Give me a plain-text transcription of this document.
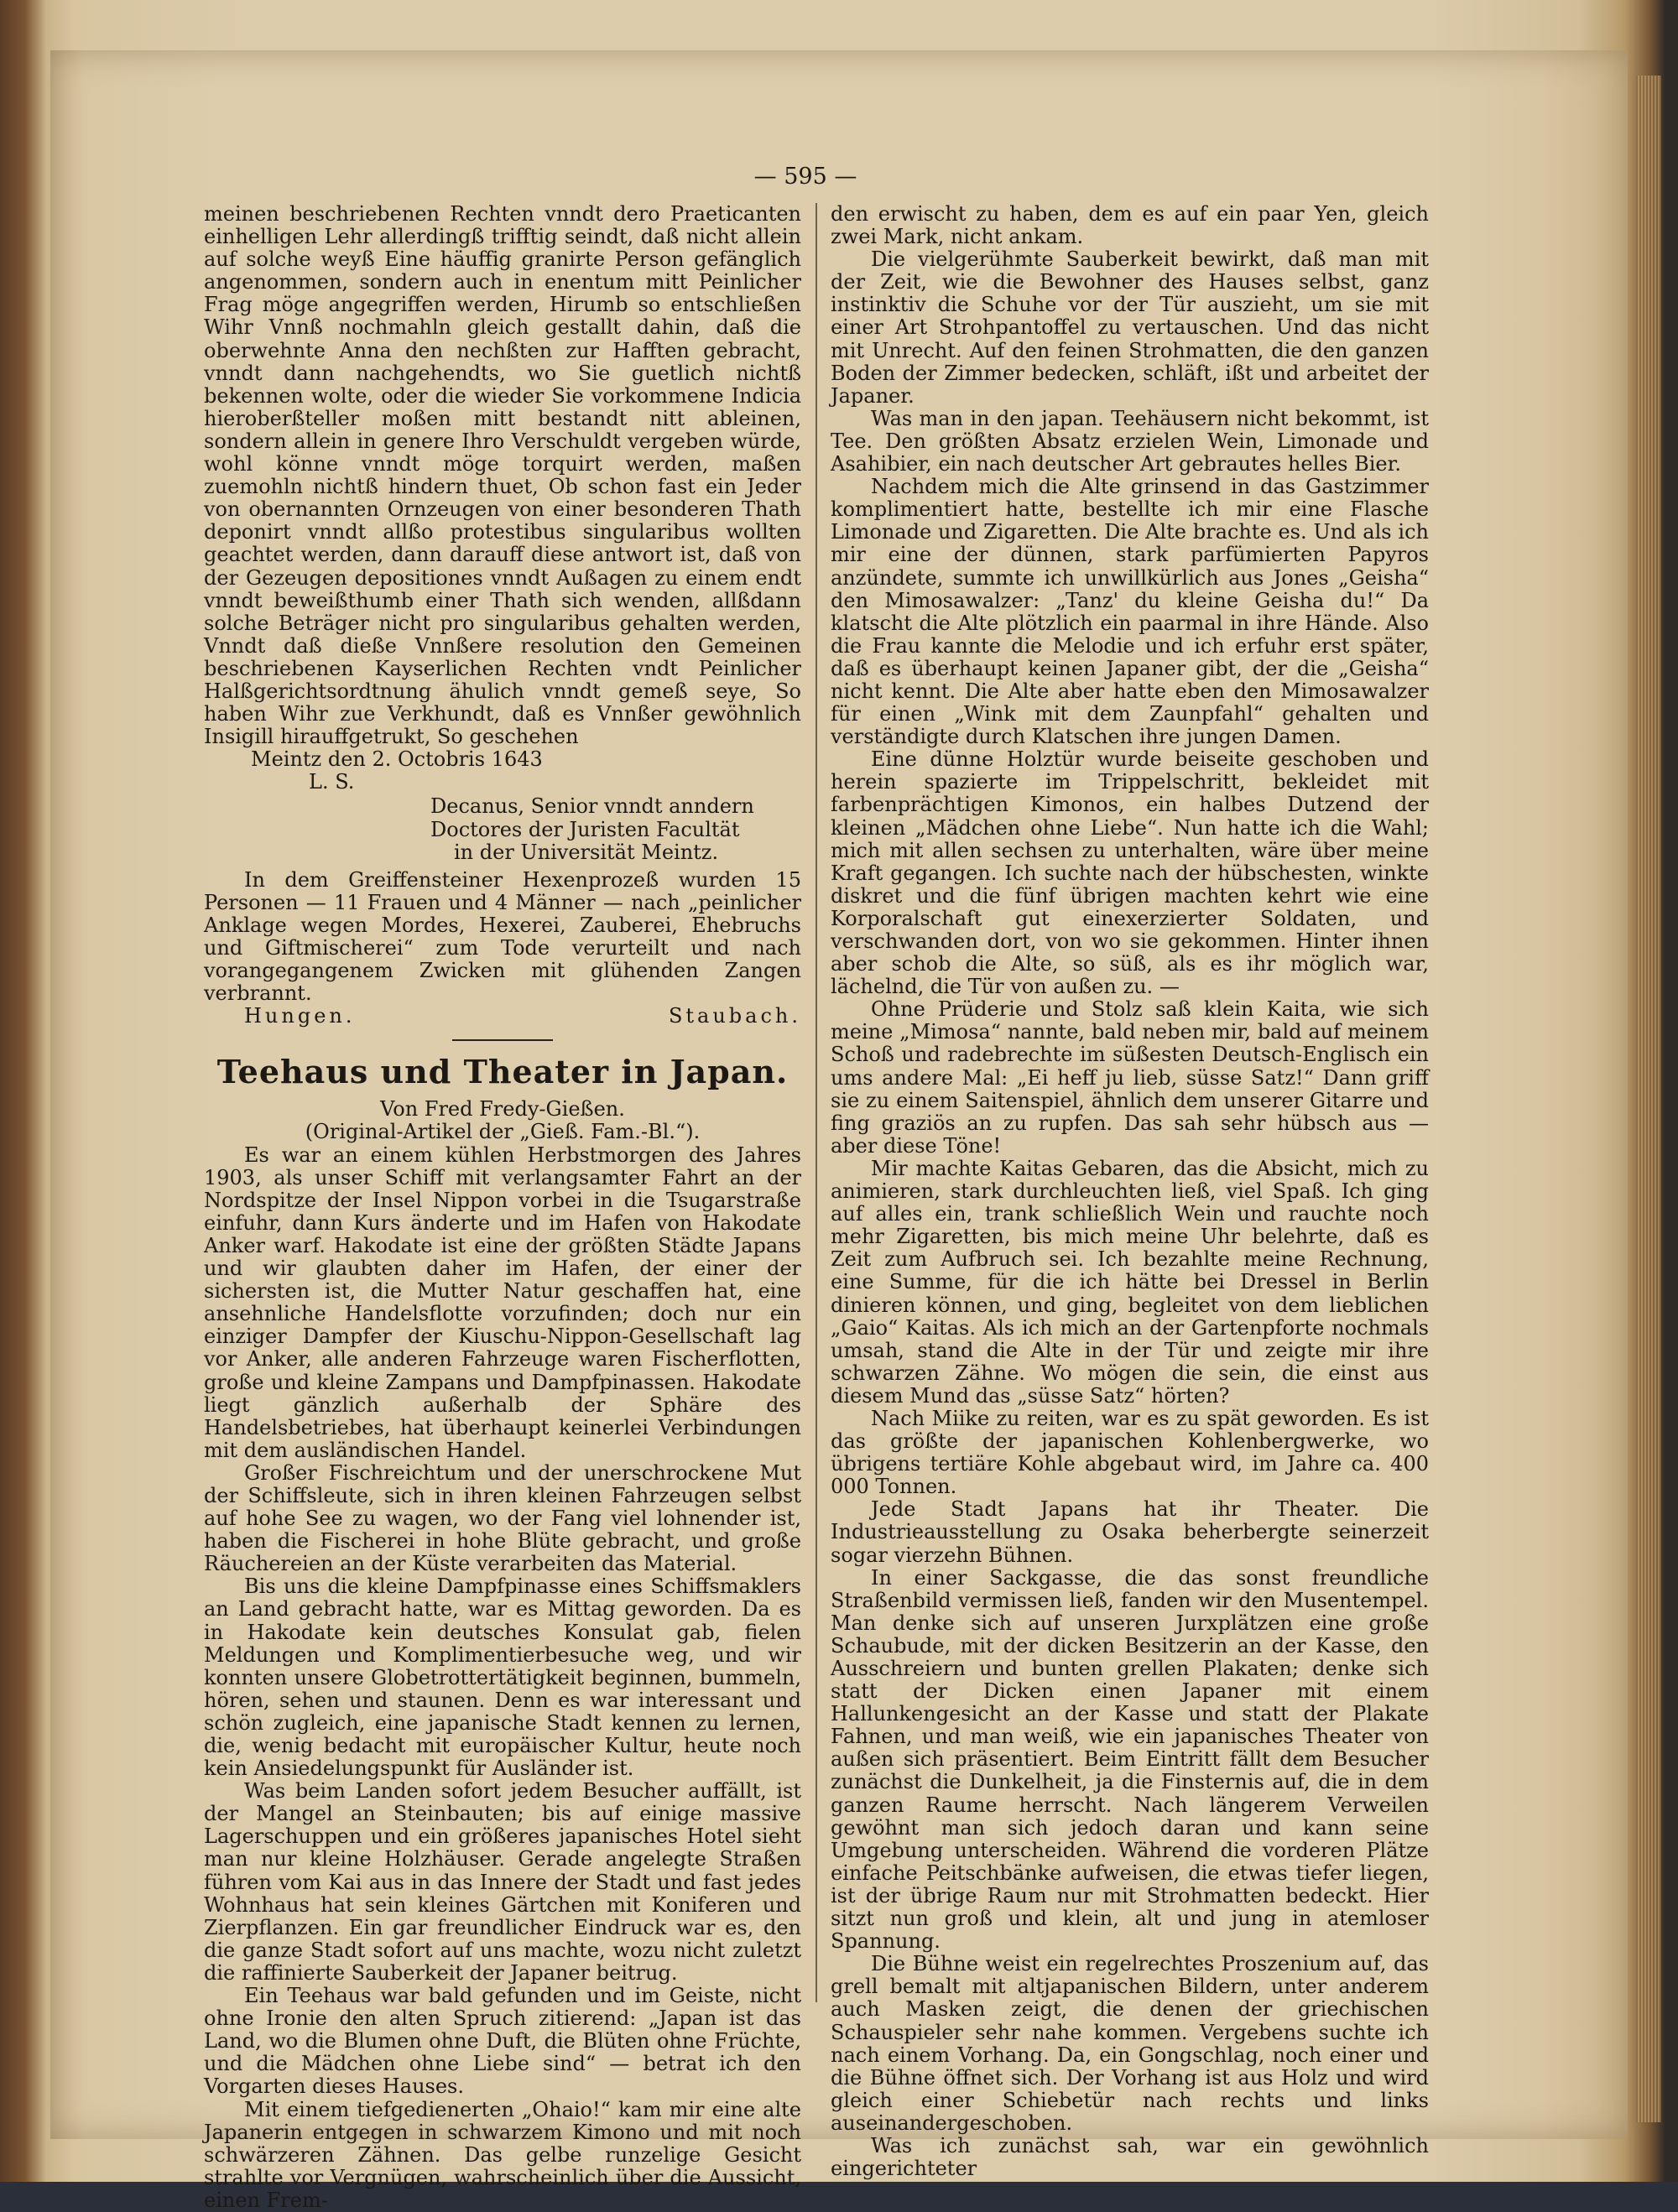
— 595 —

meinen beschriebenen Rechten vnndt dero Praeticanten einhelligen Lehr allerdingß trifftig seindt, daß nicht allein auf solche weyß Eine häuffig granirte Person gefänglich angenommen, sondern auch in enentum mitt Peinlicher Frag möge angegriffen werden, Hirumb so entschließen Wihr Vnnß nochmahln gleich gestallt dahin, daß die oberwehnte Anna den nechßten zur Hafften gebracht, vnndt dann nachgehendts, wo Sie guetlich nichtß bekennen wolte, oder die wieder Sie vorkommene Indicia hieroberßteller moßen mitt bestandt nitt ableinen, sondern allein in genere Ihro Verschuldt vergeben würde, wohl könne vnndt möge torquirt werden, maßen zuemohln nichtß hindern thuet, Ob schon fast ein Jeder von obernannten Ornzeugen von einer besonderen Thath deponirt vnndt allßo protestibus singularibus wollten geachtet werden, dann darauff diese antwort ist, daß von der Gezeugen depositiones vnndt Außagen zu einem endt vnndt beweißthumb einer Thath sich wenden, allßdann solche Beträger nicht pro singularibus gehalten werden, Vnndt daß dieße Vnnßere resolution den Gemeinen beschriebenen Kayserlichen Rechten vndt Peinlicher Halßgerichtsordtnung ähulich vnndt gemeß seye, So haben Wihr zue Verkhundt, daß es Vnnßer gewöhnlich Insigill hirauffgetrukt, So geschehen

Meintz den 2. Octobris 1643

L. S.

Decanus, Senior vnndt anndern
Doctores der Juristen Facultät
in der Universität Meintz.

In dem Greiffensteiner Hexenprozeß wurden 15 Personen — 11 Frauen und 4 Männer — nach „peinlicher Anklage wegen Mordes, Hexerei, Zauberei, Ehebruchs und Giftmischerei“ zum Tode verurteilt und nach vorangegangenem Zwicken mit glühenden Zangen verbrannt.

Hungen.	Staubach.
Teehaus und Theater in Japan.

Von Fred Fredy-Gießen.

(Original-Artikel der „Gieß. Fam.-Bl.“).

Es war an einem kühlen Herbstmorgen des Jahres 1903, als unser Schiff mit verlangsamter Fahrt an der Nordspitze der Insel Nippon vorbei in die Tsugarstraße einfuhr, dann Kurs änderte und im Hafen von Hakodate Anker warf. Hakodate ist eine der größten Städte Japans und wir glaubten daher im Hafen, der einer der sichersten ist, die Mutter Natur geschaffen hat, eine ansehnliche Handelsflotte vorzufinden; doch nur ein einziger Dampfer der Kiuschu-Nippon-Gesellschaft lag vor Anker, alle anderen Fahrzeuge waren Fischerflotten, große und kleine Zampans und Dampfpinassen. Hakodate liegt gänzlich außerhalb der Sphäre des Handelsbetriebes, hat überhaupt keinerlei Verbindungen mit dem ausländischen Handel.

Großer Fischreichtum und der unerschrockene Mut der Schiffsleute, sich in ihren kleinen Fahrzeugen selbst auf hohe See zu wagen, wo der Fang viel lohnender ist, haben die Fischerei in hohe Blüte gebracht, und große Räuchereien an der Küste verarbeiten das Material.

Bis uns die kleine Dampfpinasse eines Schiffsmaklers an Land gebracht hatte, war es Mittag geworden. Da es in Hakodate kein deutsches Konsulat gab, fielen Meldungen und Komplimentierbesuche weg, und wir konnten unsere Globetrottertätigkeit beginnen, bummeln, hören, sehen und staunen. Denn es war interessant und schön zugleich, eine japanische Stadt kennen zu lernen, die, wenig bedacht mit europäischer Kultur, heute noch kein Ansiedelungspunkt für Ausländer ist.

Was beim Landen sofort jedem Besucher auffällt, ist der Mangel an Steinbauten; bis auf einige massive Lagerschuppen und ein größeres japanisches Hotel sieht man nur kleine Holzhäuser. Gerade angelegte Straßen führen vom Kai aus in das Innere der Stadt und fast jedes Wohnhaus hat sein kleines Gärtchen mit Koniferen und Zierpflanzen. Ein gar freundlicher Eindruck war es, den die ganze Stadt sofort auf uns machte, wozu nicht zuletzt die raffinierte Sauberkeit der Japaner beitrug.

Ein Teehaus war bald gefunden und im Geiste, nicht ohne Ironie den alten Spruch zitierend: „Japan ist das Land, wo die Blumen ohne Duft, die Blüten ohne Früchte, und die Mädchen ohne Liebe sind“ — betrat ich den Vorgarten dieses Hauses.

Mit einem tiefgedienerten „Ohaio!“ kam mir eine alte Japanerin entgegen in schwarzem Kimono und mit noch schwärzeren Zähnen. Das gelbe runzelige Gesicht strahlte vor Vergnügen, wahrscheinlich über die Aussicht, einen Frem-

den erwischt zu haben, dem es auf ein paar Yen, gleich zwei Mark, nicht ankam.

Die vielgerühmte Sauberkeit bewirkt, daß man mit der Zeit, wie die Bewohner des Hauses selbst, ganz instinktiv die Schuhe vor der Tür auszieht, um sie mit einer Art Strohpantoffel zu vertauschen. Und das nicht mit Unrecht. Auf den feinen Strohmatten, die den ganzen Boden der Zimmer bedecken, schläft, ißt und arbeitet der Japaner.

Was man in den japan. Teehäusern nicht bekommt, ist Tee. Den größten Absatz erzielen Wein, Limonade und Asahibier, ein nach deutscher Art gebrautes helles Bier.

Nachdem mich die Alte grinsend in das Gastzimmer komplimentiert hatte, bestellte ich mir eine Flasche Limonade und Zigaretten. Die Alte brachte es. Und als ich mir eine der dünnen, stark parfümierten Papyros anzündete, summte ich unwillkürlich aus Jones „Geisha“ den Mimosawalzer: „Tanz' du kleine Geisha du!“ Da klatscht die Alte plötzlich ein paarmal in ihre Hände. Also die Frau kannte die Melodie und ich erfuhr erst später, daß es überhaupt keinen Japaner gibt, der die „Geisha“ nicht kennt. Die Alte aber hatte eben den Mimosawalzer für einen „Wink mit dem Zaunpfahl“ gehalten und verständigte durch Klatschen ihre jungen Damen.

Eine dünne Holztür wurde beiseite geschoben und herein spazierte im Trippelschritt, bekleidet mit farbenprächtigen Kimonos, ein halbes Dutzend der kleinen „Mädchen ohne Liebe“. Nun hatte ich die Wahl; mich mit allen sechsen zu unterhalten, wäre über meine Kraft gegangen. Ich suchte nach der hübschesten, winkte diskret und die fünf übrigen machten kehrt wie eine Korporalschaft gut einexerzierter Soldaten, und verschwanden dort, von wo sie gekommen. Hinter ihnen aber schob die Alte, so süß, als es ihr möglich war, lächelnd, die Tür von außen zu. —

Ohne Prüderie und Stolz saß klein Kaita, wie sich meine „Mimosa“ nannte, bald neben mir, bald auf meinem Schoß und radebrechte im süßesten Deutsch-Englisch ein ums andere Mal: „Ei heff ju lieb, süsse Satz!“ Dann griff sie zu einem Saitenspiel, ähnlich dem unserer Gitarre und fing graziös an zu rupfen. Das sah sehr hübsch aus — aber diese Töne!

Mir machte Kaitas Gebaren, das die Absicht, mich zu animieren, stark durchleuchten ließ, viel Spaß. Ich ging auf alles ein, trank schließlich Wein und rauchte noch mehr Zigaretten, bis mich meine Uhr belehrte, daß es Zeit zum Aufbruch sei. Ich bezahlte meine Rechnung, eine Summe, für die ich hätte bei Dressel in Berlin dinieren können, und ging, begleitet von dem lieblichen „Gaio“ Kaitas. Als ich mich an der Gartenpforte nochmals umsah, stand die Alte in der Tür und zeigte mir ihre schwarzen Zähne. Wo mögen die sein, die einst aus diesem Mund das „süsse Satz“ hörten?

Nach Miike zu reiten, war es zu spät geworden. Es ist das größte der japanischen Kohlenbergwerke, wo übrigens tertiäre Kohle abgebaut wird, im Jahre ca. 400 000 Tonnen.

Jede Stadt Japans hat ihr Theater. Die Industrieausstellung zu Osaka beherbergte seinerzeit sogar vierzehn Bühnen.

In einer Sackgasse, die das sonst freundliche Straßenbild vermissen ließ, fanden wir den Musentempel. Man denke sich auf unseren Jurxplätzen eine große Schaubude, mit der dicken Besitzerin an der Kasse, den Ausschreiern und bunten grellen Plakaten; denke sich statt der Dicken einen Japaner mit einem Hallunkengesicht an der Kasse und statt der Plakate Fahnen, und man weiß, wie ein japanisches Theater von außen sich präsentiert. Beim Eintritt fällt dem Besucher zunächst die Dunkelheit, ja die Finsternis auf, die in dem ganzen Raume herrscht. Nach längerem Verweilen gewöhnt man sich jedoch daran und kann seine Umgebung unterscheiden. Während die vorderen Plätze einfache Peitschbänke aufweisen, die etwas tiefer liegen, ist der übrige Raum nur mit Strohmatten bedeckt. Hier sitzt nun groß und klein, alt und jung in atemloser Spannung.

Die Bühne weist ein regelrechtes Proszenium auf, das grell bemalt mit altjapanischen Bildern, unter anderem auch Masken zeigt, die denen der griechischen Schauspieler sehr nahe kommen. Vergebens suchte ich nach einem Vorhang. Da, ein Gongschlag, noch einer und die Bühne öffnet sich. Der Vorhang ist aus Holz und wird gleich einer Schiebetür nach rechts und links auseinandergeschoben.

Was ich zunächst sah, war ein gewöhnlich eingerichteter
